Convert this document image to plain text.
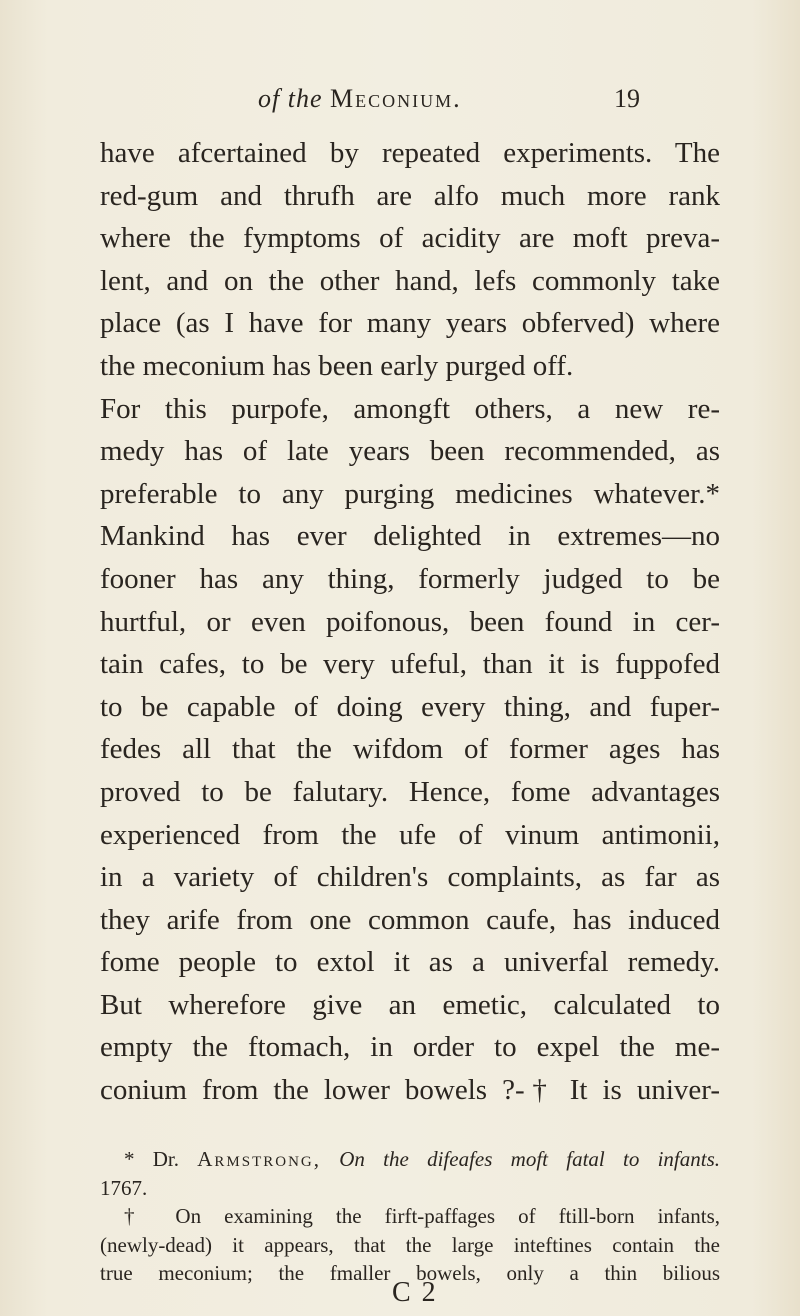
of the Meconium.	19
have afcertained by repeated experiments. The
red-gum and thrufh are alfo much more rank
where the fymptoms of acidity are moft preva-
lent, and on the other hand, lefs commonly take
place (as I have for many years obferved) where
the meconium has been early purged off.
For this purpofe, amongft others, a new re-
medy has of late years been recommended, as
preferable to any purging medicines whatever.*
Mankind has ever delighted in extremes—no
fooner has any thing, formerly judged to be
hurtful, or even poifonous, been found in cer-
tain cafes, to be very ufeful, than it is fuppofed
to be capable of doing every thing, and fuper-
fedes all that the wifdom of former ages has
proved to be falutary. Hence, fome advantages
experienced from the ufe of vinum antimonii,
in a variety of children's complaints, as far as
they arife from one common caufe, has induced
fome people to extol it as a univerfal remedy.
But wherefore give an emetic, calculated to
empty the ftomach, in order to expel the me-
conium from the lower bowels ?-† It is univer-
* Dr. Armstrong, On the difeafes moft fatal to infants.
1767.
† On examining the firft-paffages of ftill-born infants,
(newly-dead) it appears, that the large inteftines contain the
true meconium; the fmaller bowels, only a thin bilious
C 2
